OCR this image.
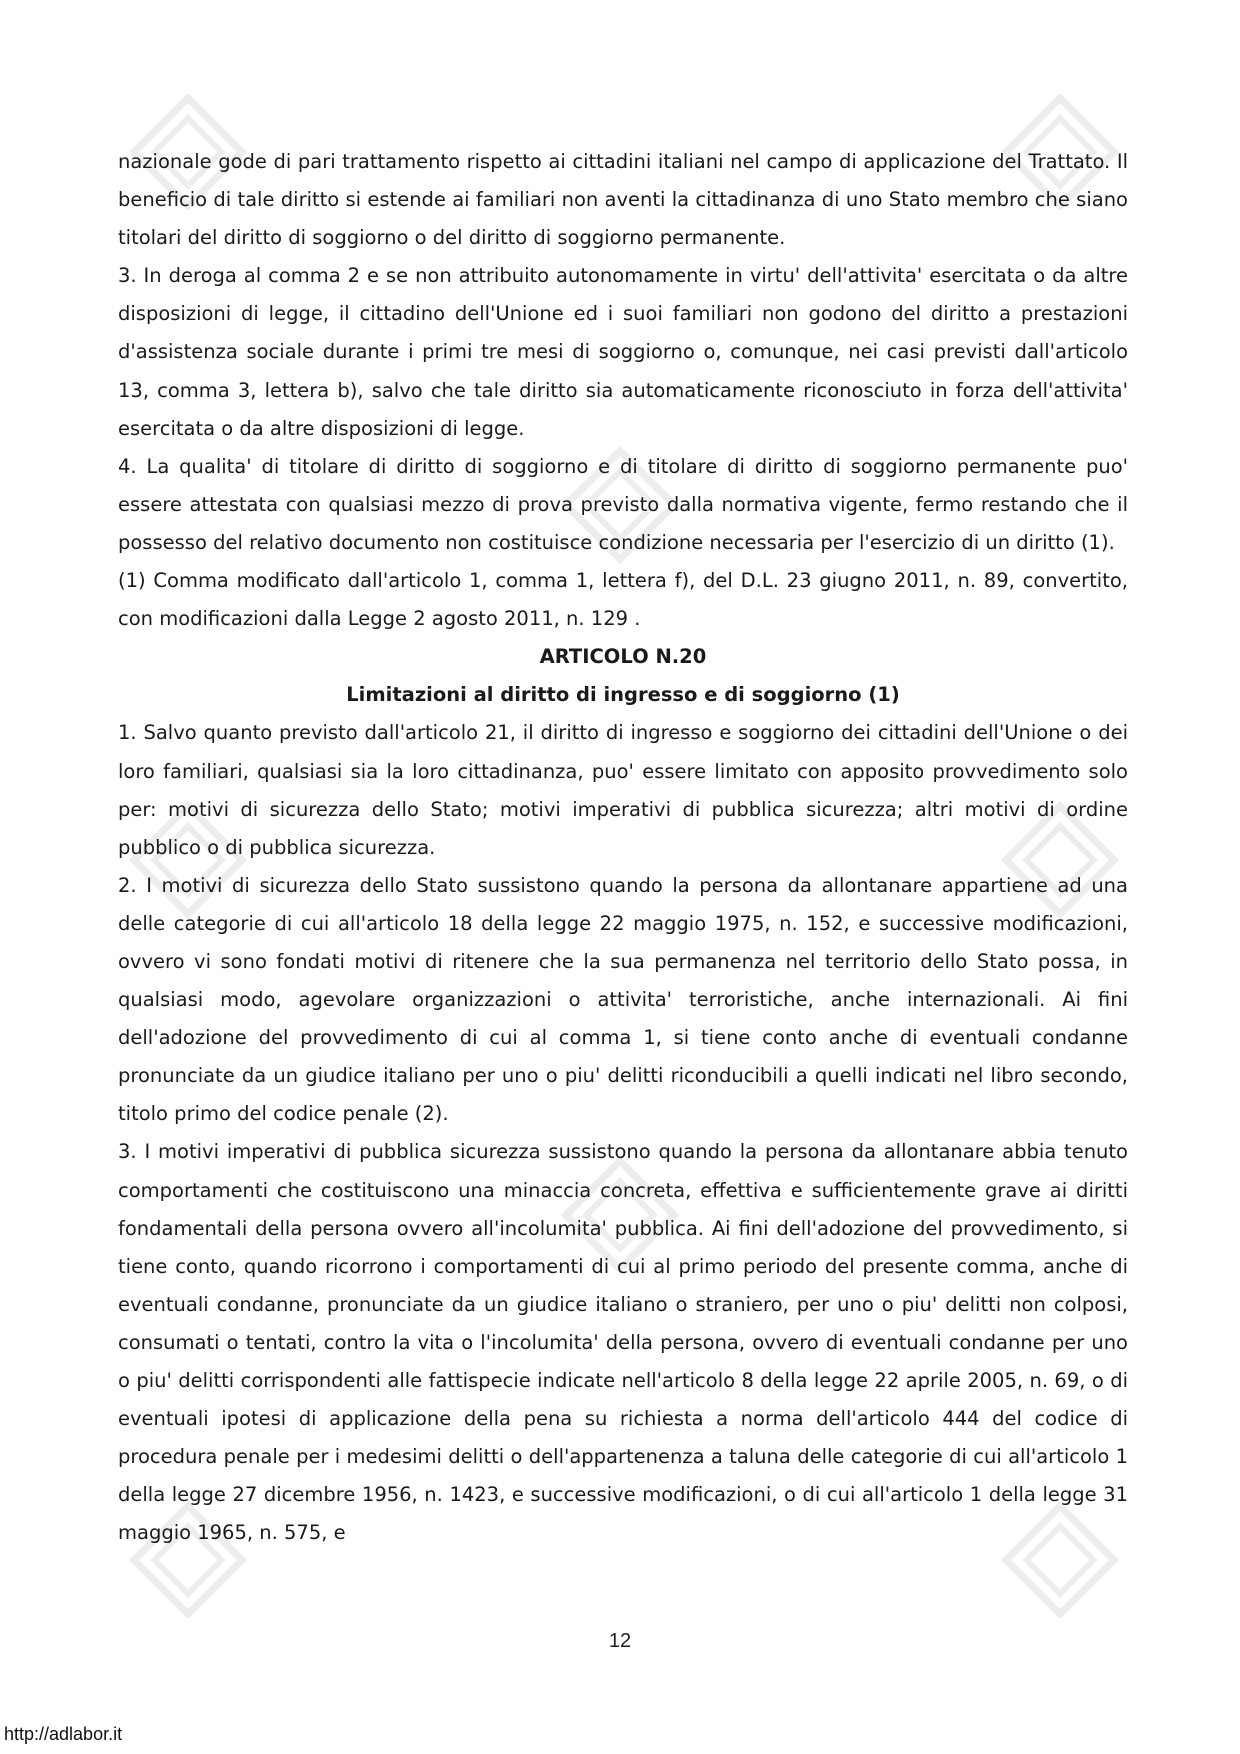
nazionale gode di pari trattamento rispetto ai cittadini italiani nel campo di applicazione del Trattato. Il beneficio di tale diritto si estende ai familiari non aventi la cittadinanza di uno Stato membro che siano titolari del diritto di soggiorno o del diritto di soggiorno permanente.

3. In deroga al comma 2 e se non attribuito autonomamente in virtu' dell'attivita' esercitata o da altre disposizioni di legge, il cittadino dell'Unione ed i suoi familiari non godono del diritto a prestazioni d'assistenza sociale durante i primi tre mesi di soggiorno o, comunque, nei casi previsti dall'articolo 13, comma 3, lettera b), salvo che tale diritto sia automaticamente riconosciuto in forza dell'attivita' esercitata o da altre disposizioni di legge.

4. La qualita' di titolare di diritto di soggiorno e di titolare di diritto di soggiorno permanente puo' essere attestata con qualsiasi mezzo di prova previsto dalla normativa vigente, fermo restando che il possesso del relativo documento non costituisce condizione necessaria per l'esercizio di un diritto (1).

(1) Comma modificato dall'articolo 1, comma 1, lettera f), del D.L. 23 giugno 2011, n. 89, convertito, con modificazioni dalla Legge 2 agosto 2011, n. 129 .

ARTICOLO N.20

Limitazioni al diritto di ingresso e di soggiorno (1)

1. Salvo quanto previsto dall'articolo 21, il diritto di ingresso e soggiorno dei cittadini dell'Unione o dei loro familiari, qualsiasi sia la loro cittadinanza, puo' essere limitato con apposito provvedimento solo per: motivi di sicurezza dello Stato; motivi imperativi di pubblica sicurezza; altri motivi di ordine pubblico o di pubblica sicurezza.

2. I motivi di sicurezza dello Stato sussistono quando la persona da allontanare appartiene ad una delle categorie di cui all'articolo 18 della legge 22 maggio 1975, n. 152, e successive modificazioni, ovvero vi sono fondati motivi di ritenere che la sua permanenza nel territorio dello Stato possa, in qualsiasi modo, agevolare organizzazioni o attivita' terroristiche, anche internazionali. Ai fini dell'adozione del provvedimento di cui al comma 1, si tiene conto anche di eventuali condanne pronunciate da un giudice italiano per uno o piu' delitti riconducibili a quelli indicati nel libro secondo, titolo primo del codice penale (2).

3. I motivi imperativi di pubblica sicurezza sussistono quando la persona da allontanare abbia tenuto comportamenti che costituiscono una minaccia concreta, effettiva e sufficientemente grave ai diritti fondamentali della persona ovvero all'incolumita' pubblica. Ai fini dell'adozione del provvedimento, si tiene conto, quando ricorrono i comportamenti di cui al primo periodo del presente comma, anche di eventuali condanne, pronunciate da un giudice italiano o straniero, per uno o piu' delitti non colposi, consumati o tentati, contro la vita o l'incolumita' della persona, ovvero di eventuali condanne per uno o piu' delitti corrispondenti alle fattispecie indicate nell'articolo 8 della legge 22 aprile 2005, n. 69, o di eventuali ipotesi di applicazione della pena su richiesta a norma dell'articolo 444 del codice di procedura penale per i medesimi delitti o dell'appartenenza a taluna delle categorie di cui all'articolo 1 della legge 27 dicembre 1956, n. 1423, e successive modificazioni, o di cui all'articolo 1 della legge 31 maggio 1965, n. 575, e

12
http://adlabor.it
